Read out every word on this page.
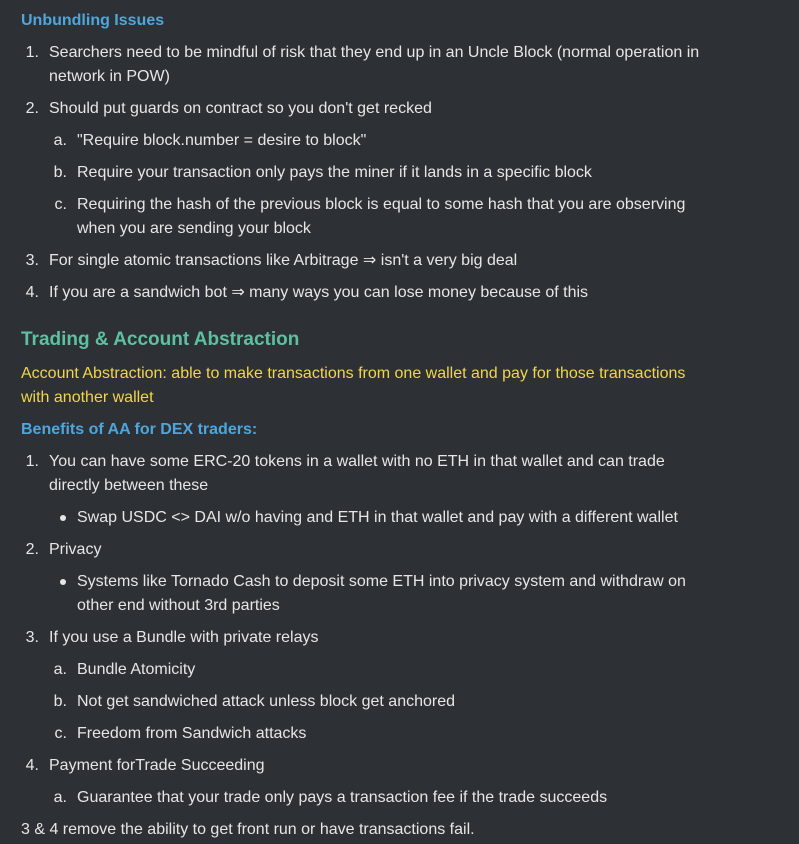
Unbundling Issues
1. Searchers need to be mindful of risk that they end up in an Uncle Block (normal operation in
network in POW)
2. Should put guards on contract so you don't get recked
a. "Require block.number = desire to block"
b. Require your transaction only pays the miner if it lands in a specific block
c. Requiring the hash of the previous block is equal to some hash that you are observing
when you are sending your block
3. For single atomic transactions like Arbitrage ⇒ isn't a very big deal
4. If you are a sandwich bot ⇒ many ways you can lose money because of this
Trading & Account Abstraction
Account Abstraction: able to make transactions from one wallet and pay for those transactions
with another wallet
Benefits of AA for DEX traders:
1. You can have some ERC-20 tokens in a wallet with no ETH in that wallet and can trade
directly between these
Swap USDC <> DAI w/o having and ETH in that wallet and pay with a different wallet
2. Privacy
Systems like Tornado Cash to deposit some ETH into privacy system and withdraw on
other end without 3rd parties
3. If you use a Bundle with private relays
a. Bundle Atomicity
b. Not get sandwiched attack unless block get anchored
c. Freedom from Sandwich attacks
4. Payment forTrade Succeeding
a. Guarantee that your trade only pays a transaction fee if the trade succeeds
3 & 4 remove the ability to get front run or have transactions fail.
